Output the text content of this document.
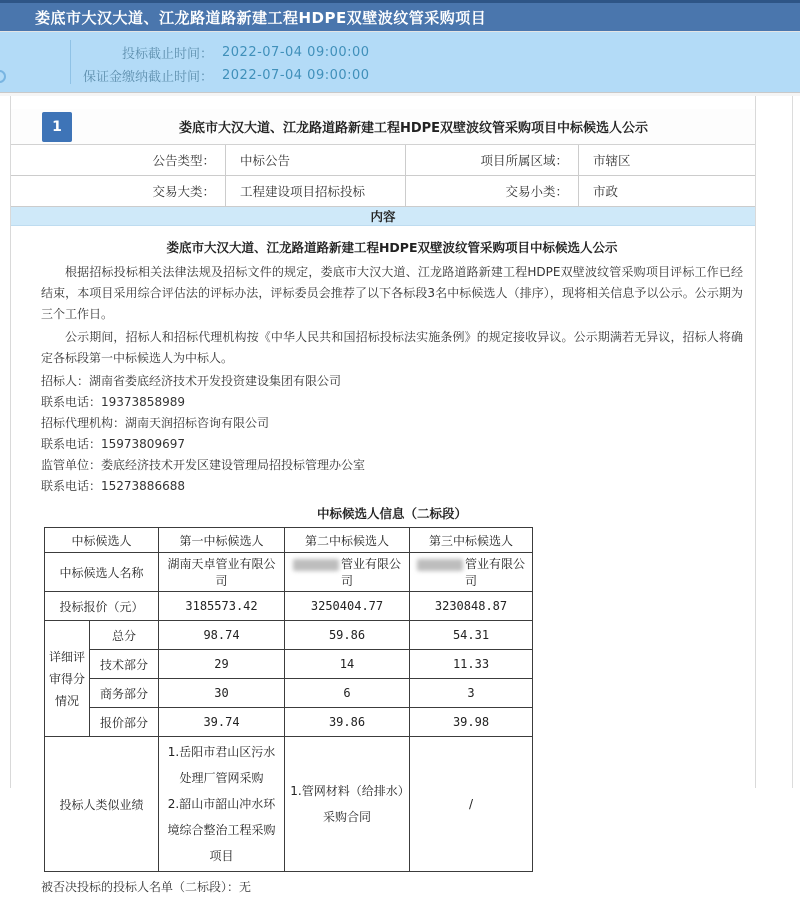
娄底市大汉大道、江龙路道路新建工程HDPE双壁波纹管采购项目
投标截止时间： 2022-07-04 09:00:00
保证金缴纳截止时间： 2022-07-04 09:00:00
1	娄底市大汉大道、江龙路道路新建工程HDPE双壁波纹管采购项目中标候选人公示
公告类型：	中标公告	项目所属区域：	市辖区
交易大类：	工程建设项目招标投标	交易小类：	市政
内容
娄底市大汉大道、江龙路道路新建工程HDPE双壁波纹管采购项目中标候选人公示

根据招标投标相关法律法规及招标文件的规定，娄底市大汉大道、江龙路道路新建工程HDPE双壁波纹管采购项目评标工作已经结束，本项目采用综合评估法的评标办法，评标委员会推荐了以下各标段3名中标候选人（排序），现将相关信息予以公示。公示期为三个工作日。

公示期间，招标人和招标代理机构按《中华人民共和国招标投标法实施条例》的规定接收异议。公示期满若无异议，招标人将确定各标段第一中标候选人为中标人。

招标人：湖南省娄底经济技术开发投资建设集团有限公司
联系电话：19373858989
招标代理机构：湖南天润招标咨询有限公司
联系电话：15973809697
监管单位：娄底经济技术开发区建设管理局招投标管理办公室
联系电话：15273886688
中标候选人信息（二标段）
中标候选人		第一中标候选人	第二中标候选人	第三中标候选人
中标候选人名称		湖南天卓管业有限公司	管业有限公司	管业有限公司
投标报价（元）		3185573.42	3250404.77	3230848.87
详细评审得分情况	总分	98.74	59.86	54.31
	技术部分	29	14	11.33
	商务部分	30	6	3
	报价部分	39.74	39.86	39.98
投标人类似业绩		1.岳阳市君山区污水处理厂管网采购
2.韶山市韶山冲水环境综合整治工程采购项目	1.管网材料（给排水）采购合同	/
被否决投标的投标人名单（二标段）：无
